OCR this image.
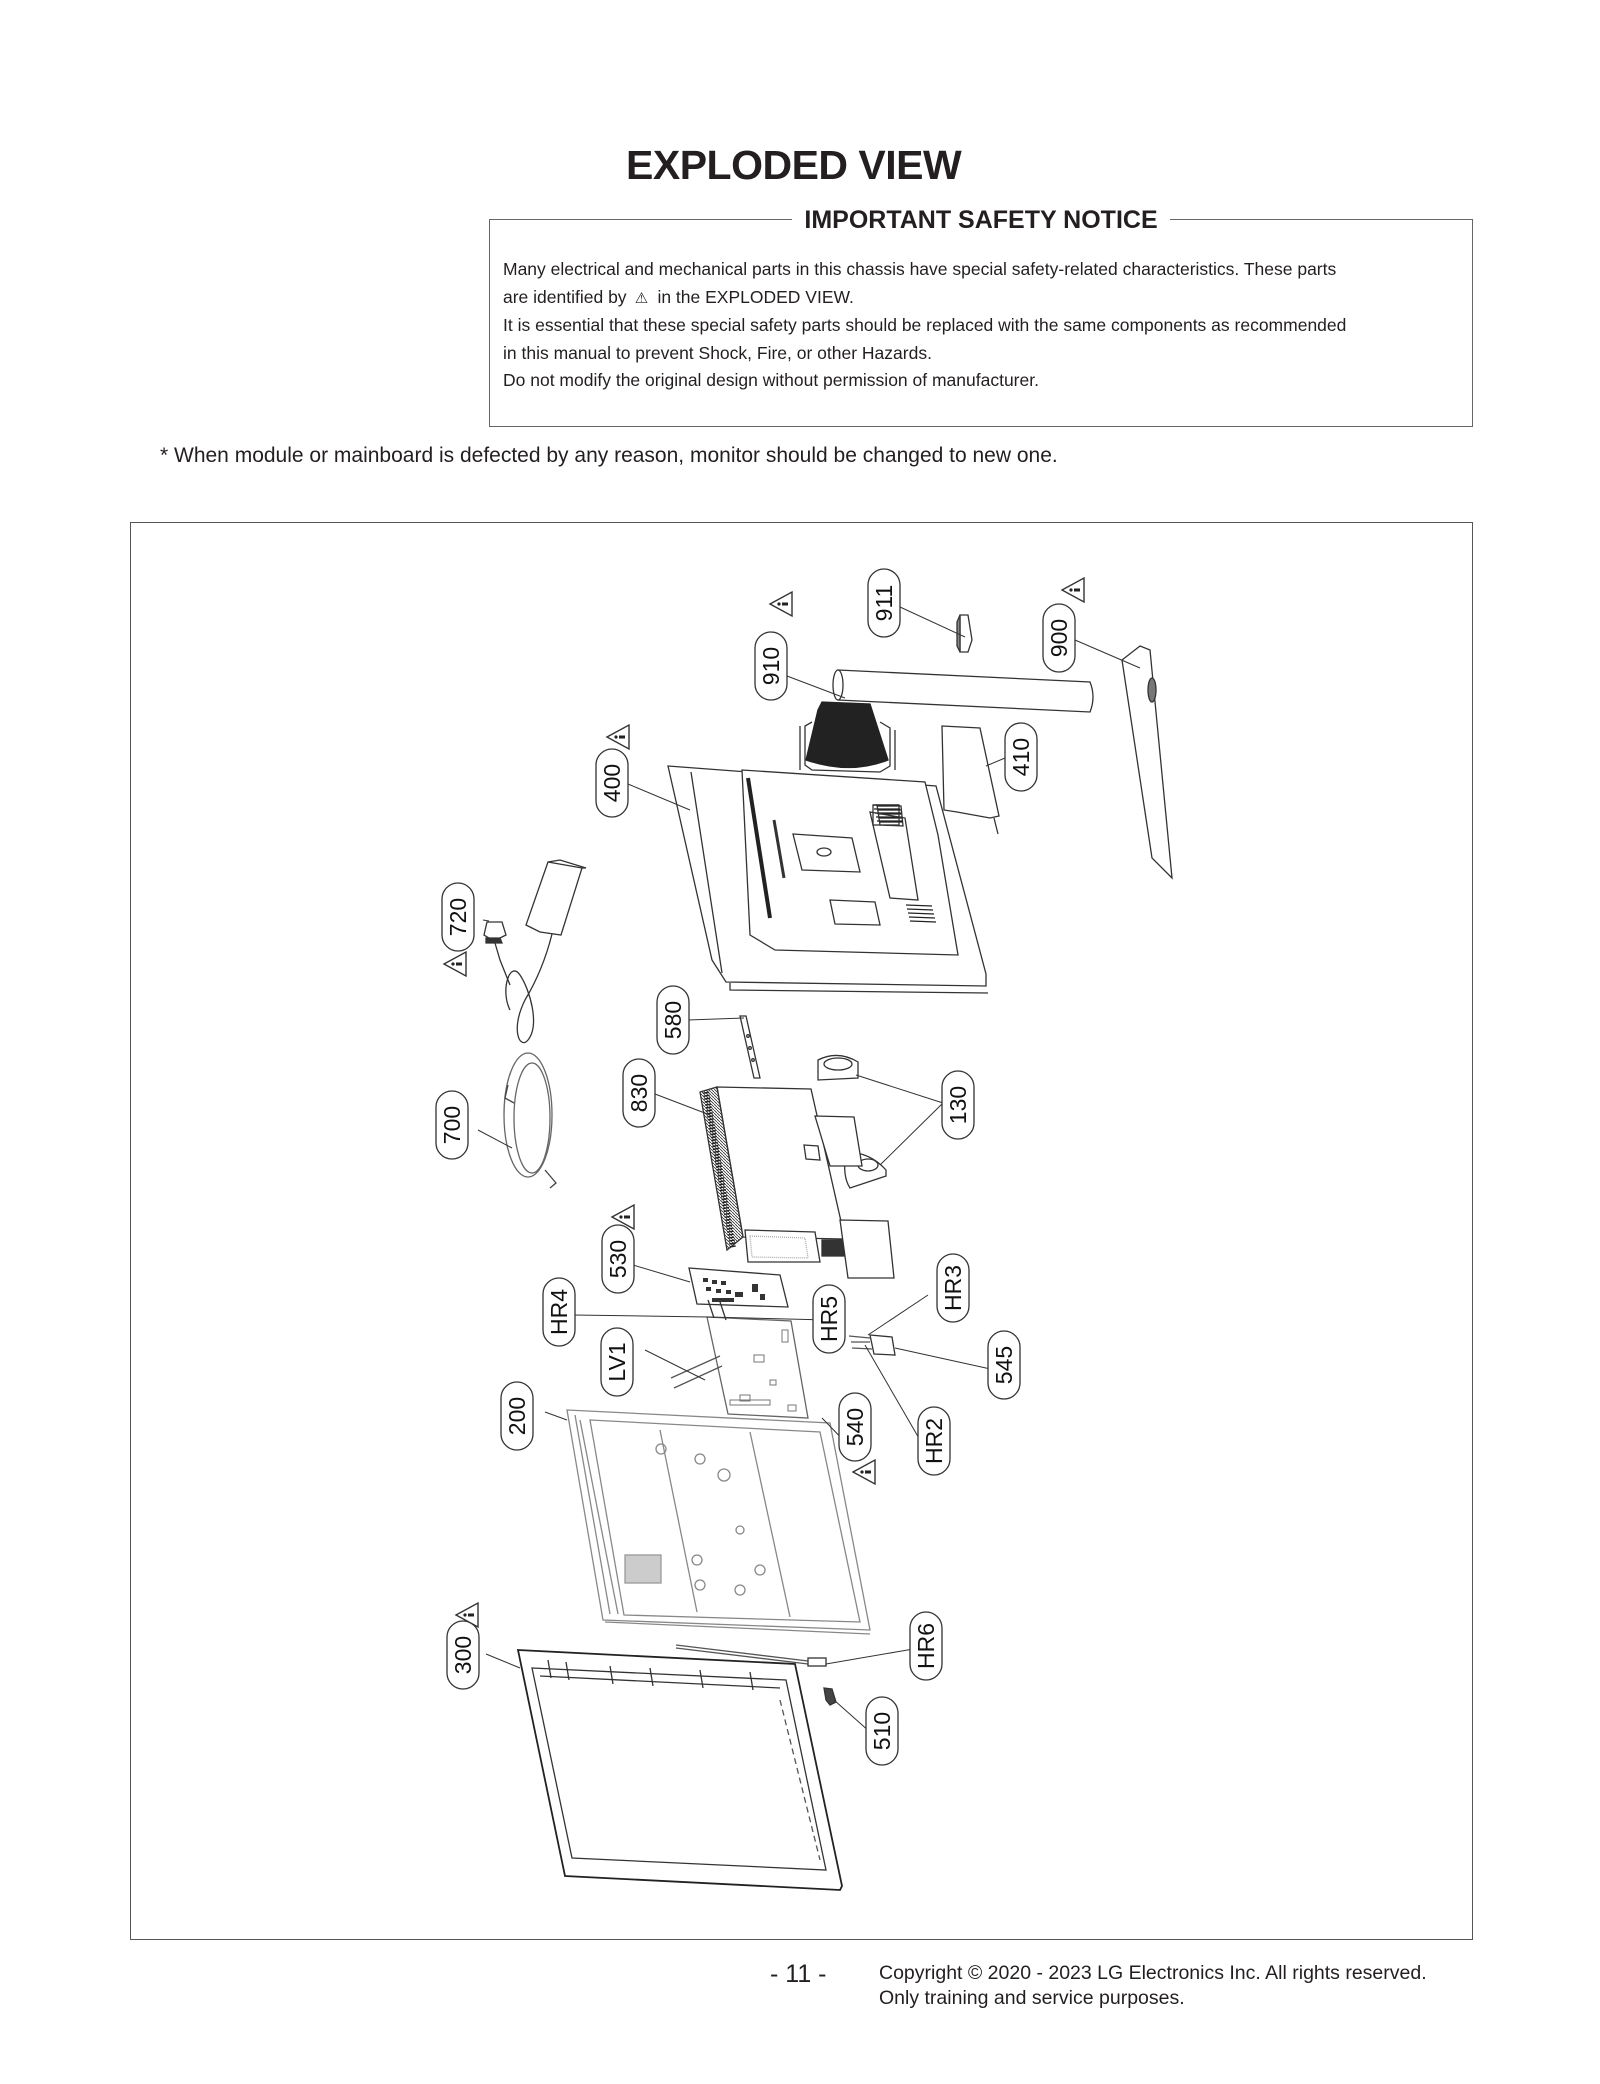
EXPLODED VIEW
IMPORTANT SAFETY NOTICE

Many electrical and mechanical parts in this chassis have special safety-related characteristics. These parts

are identified by ⚠ in the EXPLODED VIEW.

It is essential that these special safety parts should be replaced with the same components as recommended

in this manual to prevent Shock, Fire, or other Hazards.

Do not modify the original design without permission of manufacturer.

* When module or mainboard is defected by any reason, monitor should be changed to new one.
910
911
900
410
400
720
580
830	130
700
530
HR4	HR5
HR3
545
LV1
540 HR2
200
300	HR6
510
- 11 -	Copyright © 2020 - 2023 LG Electronics Inc. All rights reserved.
Only training and service purposes.
